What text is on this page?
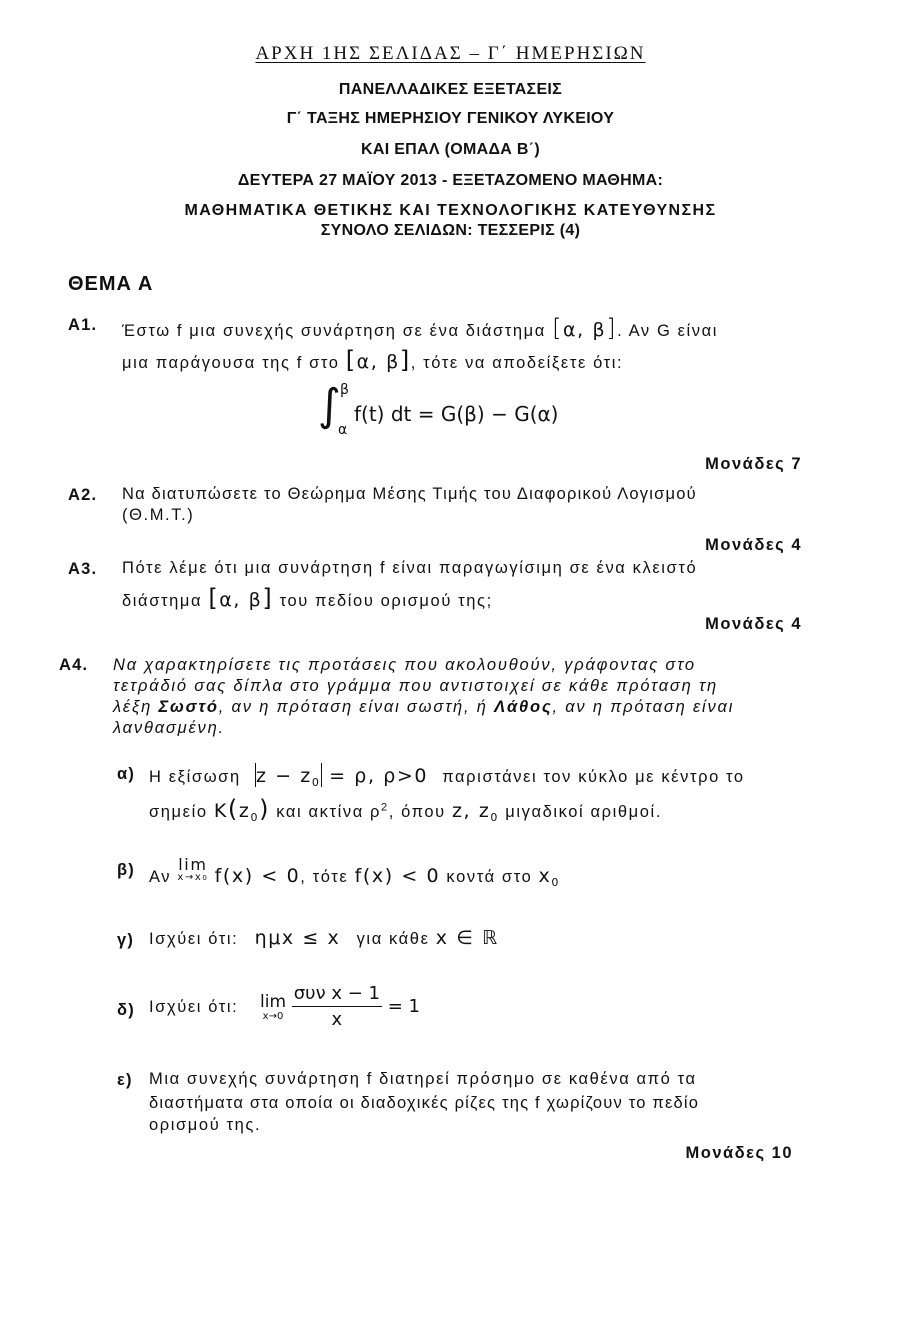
ΑΡΧΗ 1ΗΣ ΣΕΛΙΔΑΣ – Γ΄ ΗΜΕΡΗΣΙΩΝ
ΠΑΝΕΛΛΑΔΙΚΕΣ ΕΞΕΤΑΣΕΙΣ
Γ΄ ΤΑΞΗΣ ΗΜΕΡΗΣΙΟΥ ΓΕΝΙΚΟΥ ΛΥΚΕΙΟΥ
ΚΑΙ ΕΠΑΛ (ΟΜΑΔΑ Β΄)
ΔΕΥΤΕΡΑ 27 ΜΑΪΟΥ 2013 - ΕΞΕΤΑΖΟΜΕΝΟ ΜΑΘΗΜΑ:
ΜΑΘΗΜΑΤΙΚΑ ΘΕΤΙΚΗΣ ΚΑΙ ΤΕΧΝΟΛΟΓΙΚΗΣ ΚΑΤΕΥΘΥΝΣΗΣ
ΣΥΝΟΛΟ ΣΕΛΙΔΩΝ: ΤΕΣΣΕΡΙΣ (4)
ΘΕΜΑ Α
Α1. Έστω f μια συνεχής συνάρτηση σε ένα διάστημα [α, β]. Αν G είναι
μια παράγουσα της f στο [α, β], τότε να αποδείξετε ότι:
∫ β
α
f(t) dt = G(β) − G(α)
Μονάδες 7
Α2. Να διατυπώσετε το Θεώρημα Μέσης Τιμής του Διαφορικού Λογισμού
(Θ.Μ.Τ.)
Μονάδες 4
Α3. Πότε λέμε ότι μια συνάρτηση f είναι παραγωγίσιμη σε ένα κλειστό
διάστημα [α, β] του πεδίου ορισμού της;
Μονάδες 4
Α4. Να χαρακτηρίσετε τις προτάσεις που ακολουθούν, γράφοντας στο
τετράδιό σας δίπλα στο γράμμα που αντιστοιχεί σε κάθε πρόταση τη
λέξη Σωστό, αν η πρόταση είναι σωστή, ή Λάθος, αν η πρόταση είναι
λανθασμένη.
α) Η εξίσωση $z - z_0 = \rho$, ρ>0 παριστάνει τον κύκλο με κέντρο το
σημείο $K(z_0)$ και ακτίνα $\rho^2$, όπου z, $z_0$ μιγαδικοί αριθμοί.
β) Αν
lim
x→x0 f(x) < 0, τότε f(x) < 0 κοντά στο $x_0$
γ) Ισχύει ότι: ημx ≤ x για κάθε x ∈ ℝ
δ) Ισχύει ότι: lim
x→0
$\frac{\text{συν x − 1}}{x} = 1$
ε) Μια συνεχής συνάρτηση f διατηρεί πρόσημο σε καθένα από τα
διαστήματα στα οποία οι διαδοχικές ρίζες της f χωρίζουν το πεδίο
ορισμού της.
Μονάδες 10
